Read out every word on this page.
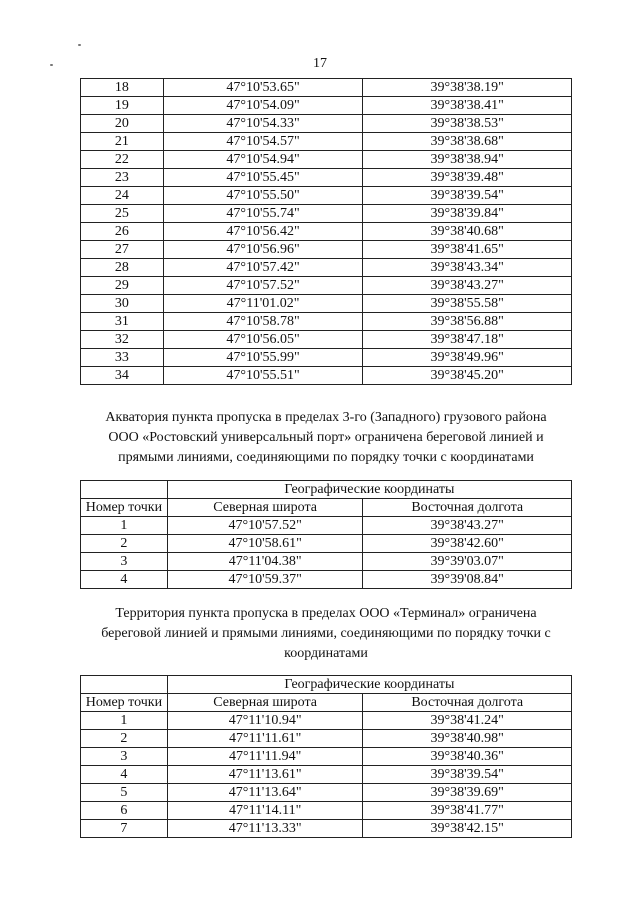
17
18	47°10'53.65"	39°38'38.19"
19	47°10'54.09"	39°38'38.41"
20	47°10'54.33"	39°38'38.53"
21	47°10'54.57"	39°38'38.68"
22	47°10'54.94"	39°38'38.94"
23	47°10'55.45"	39°38'39.48"
24	47°10'55.50"	39°38'39.54"
25	47°10'55.74"	39°38'39.84"
26	47°10'56.42"	39°38'40.68"
27	47°10'56.96"	39°38'41.65"
28	47°10'57.42"	39°38'43.34"
29	47°10'57.52"	39°38'43.27"
30	47°11'01.02"	39°38'55.58"
31	47°10'58.78"	39°38'56.88"
32	47°10'56.05"	39°38'47.18"
33	47°10'55.99"	39°38'49.96"
34	47°10'55.51"	39°38'45.20"
Акватория пункта пропуска в пределах 3-го (Западного) грузового района
ООО «Ростовский универсальный порт» ограничена береговой линией и
прямыми линиями, соединяющими по порядку точки с координатами
	Географические координаты	
Номер точки	Северная широта	Восточная долгота
1	47°10'57.52"	39°38'43.27"
2	47°10'58.61"	39°38'42.60"
3	47°11'04.38"	39°39'03.07"
4	47°10'59.37"	39°39'08.84"
Территория пункта пропуска в пределах ООО «Терминал» ограничена
береговой линией и прямыми линиями, соединяющими по порядку точки с
координатами
	Географические координаты	
Номер точки	Северная широта	Восточная долгота
1	47°11'10.94"	39°38'41.24"
2	47°11'11.61"	39°38'40.98"
3	47°11'11.94"	39°38'40.36"
4	47°11'13.61"	39°38'39.54"
5	47°11'13.64"	39°38'39.69"
6	47°11'14.11"	39°38'41.77"
7	47°11'13.33"	39°38'42.15"
